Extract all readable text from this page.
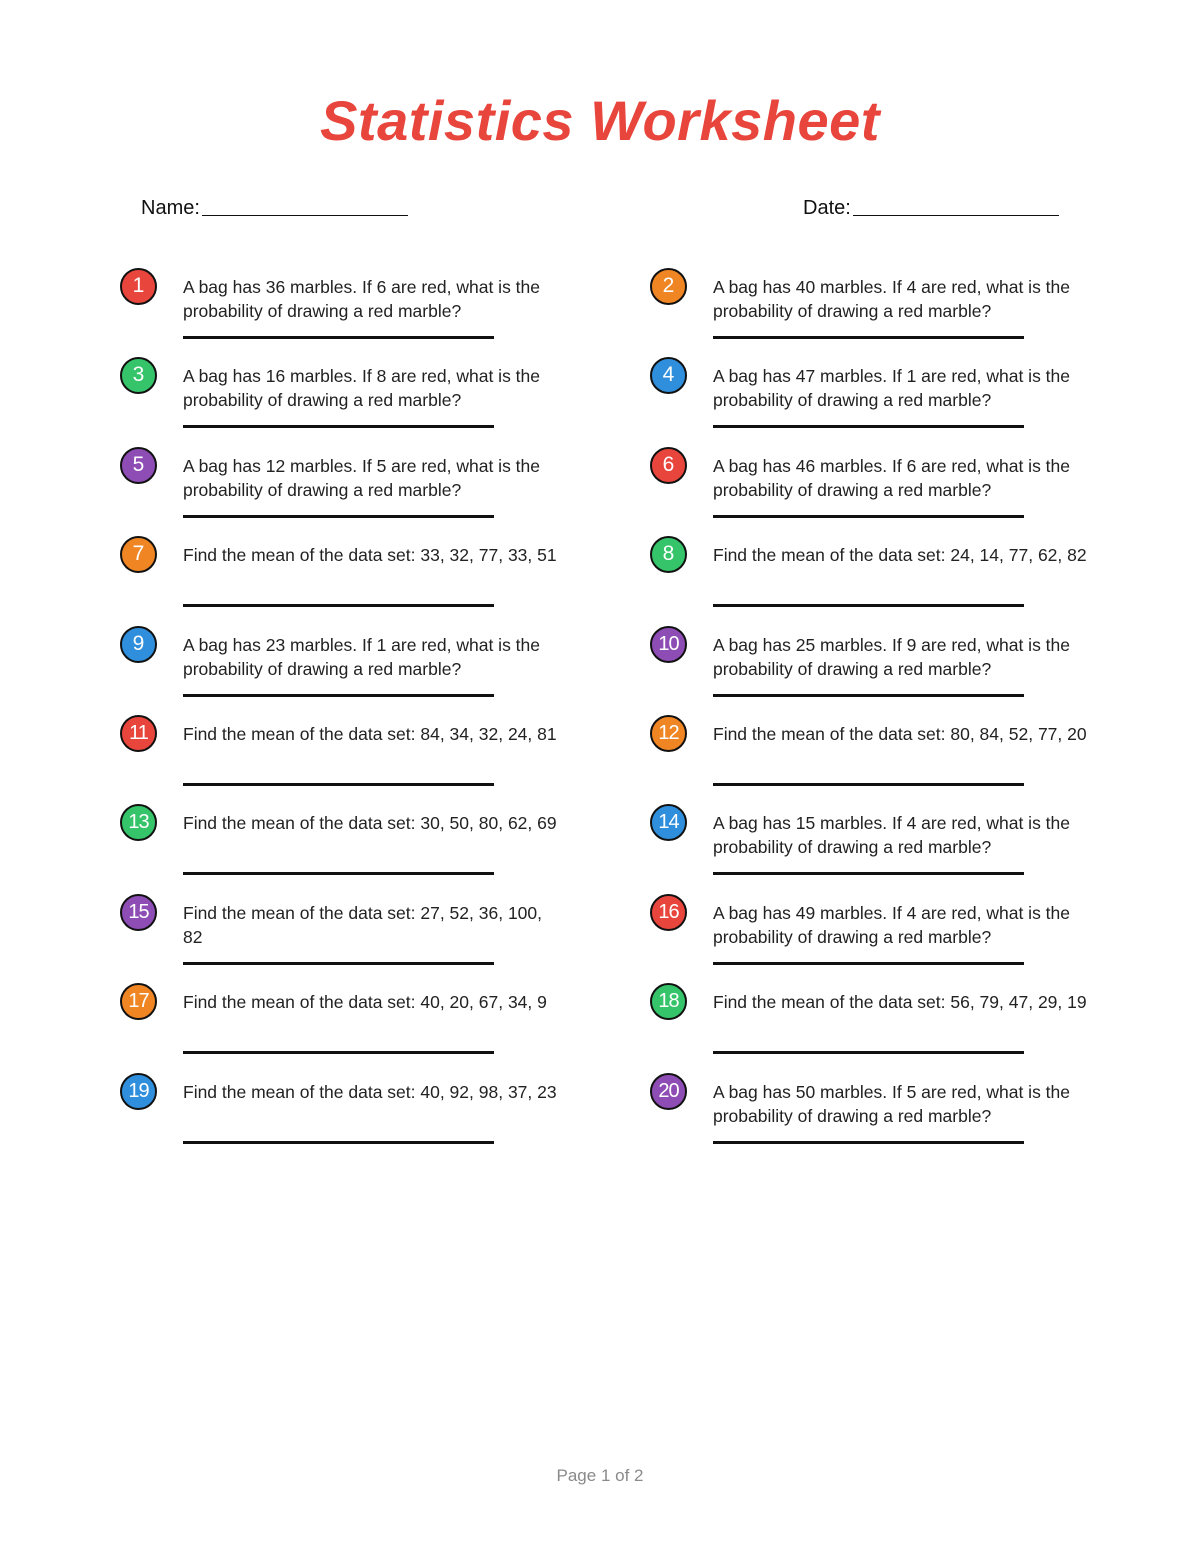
Statistics Worksheet
Name:	Date:
1	A bag has 36 marbles. If 6 are red, what is the probability of drawing a red marble?
2	A bag has 40 marbles. If 4 are red, what is the probability of drawing a red marble?
3	A bag has 16 marbles. If 8 are red, what is the probability of drawing a red marble?
4	A bag has 47 marbles. If 1 are red, what is the probability of drawing a red marble?
5	A bag has 12 marbles. If 5 are red, what is the probability of drawing a red marble?
6	A bag has 46 marbles. If 6 are red, what is the probability of drawing a red marble?
7	Find the mean of the data set: 33, 32, 77, 33, 51	8	Find the mean of the data set: 24, 14, 77, 62, 82
9	A bag has 23 marbles. If 1 are red, what is the probability of drawing a red marble?
10	A bag has 25 marbles. If 9 are red, what is the probability of drawing a red marble?
11	Find the mean of the data set: 84, 34, 32, 24, 81	12	Find the mean of the data set: 80, 84, 52, 77, 20
13	Find the mean of the data set: 30, 50, 80, 62, 69	14	A bag has 15 marbles. If 4 are red, what is the probability of drawing a red marble?
15	Find the mean of the data set: 27, 52, 36, 100, 82
16	A bag has 49 marbles. If 4 are red, what is the probability of drawing a red marble?
17	Find the mean of the data set: 40, 20, 67, 34, 9	18	Find the mean of the data set: 56, 79, 47, 29, 19
19	Find the mean of the data set: 40, 92, 98, 37, 23	20	A bag has 50 marbles. If 5 are red, what is the probability of drawing a red marble?
Page 1 of 2
